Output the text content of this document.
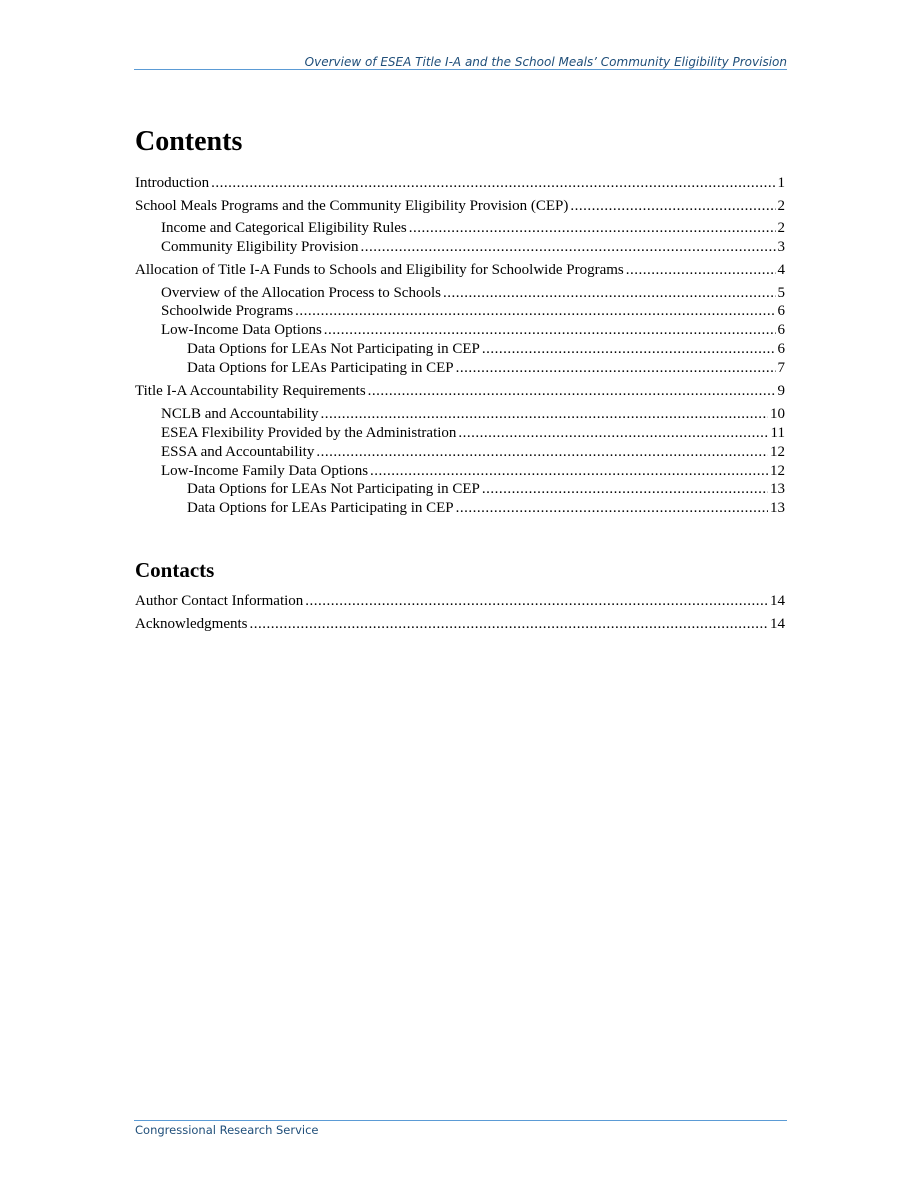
Overview of ESEA Title I-A and the School Meals’ Community Eligibility Provision
Contents
Introduction .....	1
School Meals Programs and the Community Eligibility Provision (CEP) .....	2
Income and Categorical Eligibility Rules .....	2
Community Eligibility Provision .....	3
Allocation of Title I-A Funds to Schools and Eligibility for Schoolwide Programs .....	4
Overview of the Allocation Process to Schools .....	5
Schoolwide Programs .....	6
Low-Income Data Options .....	6
Data Options for LEAs Not Participating in CEP .....	6
Data Options for LEAs Participating in CEP .....	7
Title I-A Accountability Requirements .....	9
NCLB and Accountability .....	10
ESEA Flexibility Provided by the Administration .....	11
ESSA and Accountability .....	12
Low-Income Family Data Options .....	12
Data Options for LEAs Not Participating in CEP .....	13
Data Options for LEAs Participating in CEP .....	13
Contacts
Author Contact Information .....	14
Acknowledgments .....	14
Congressional Research Service
